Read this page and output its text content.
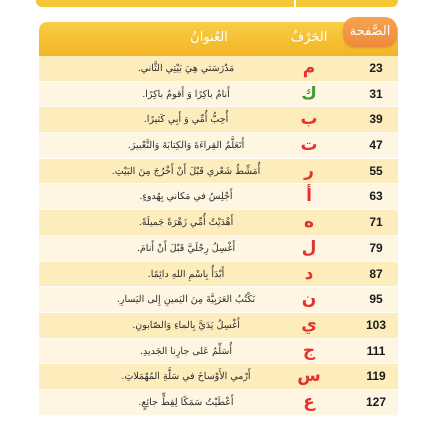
العُنوانُ	الحَرْفُ
مَدْرَسَتي هِيَ بَيْتِي الثَّاني.	م	23
أَنامُ باكِرًا وَ أَقومُ باكِرًا.	ك	31
أُحِبُّ أُمِّي وَ أَبِي كَثيرًا.	ب	39
أَتَعَلَّمُ القِراءَةَ وَالكِتابَةَ وَالتَّعْبيرَ.	ت	47
أُمَشِّطُ شَعْري قَبْلَ أَنْ أَخْرُجَ مِنَ البَيْتِ.	ر	55
أَجْلِسُ في مَكاني بِهُدوءٍ.	أ	63
أَهْدَيْتُ أُمِّي زَهْرَةً جَميلَةً.	ه	71
أَغْسِلُ رِجْلَيَّ قَبْلَ أَنْ أَنامَ.	ل	79
أَبْدَأُ بِاسْمِ اللهِ دائِمًا.	د	87
نَكْتُبُ العَرَبِيَّةَ مِنَ اليَمينِ إِلى اليَسارِ.	ن	95
أَغْسِلُ يَدَيَّ بِالماءِ وَالصّابونِ.	ي	103
أُسَلِّمُ عَلى جارِنا الجَديدِ.	ج	111
أَرْمي الأَوْساخَ في سَلَّةِ المُهْمَلاتِ.	س	119
أَعْطَيْتُ سَمَكًا لِقِطٍّ جائِعٍ.	ع	127
الصَّفحة
